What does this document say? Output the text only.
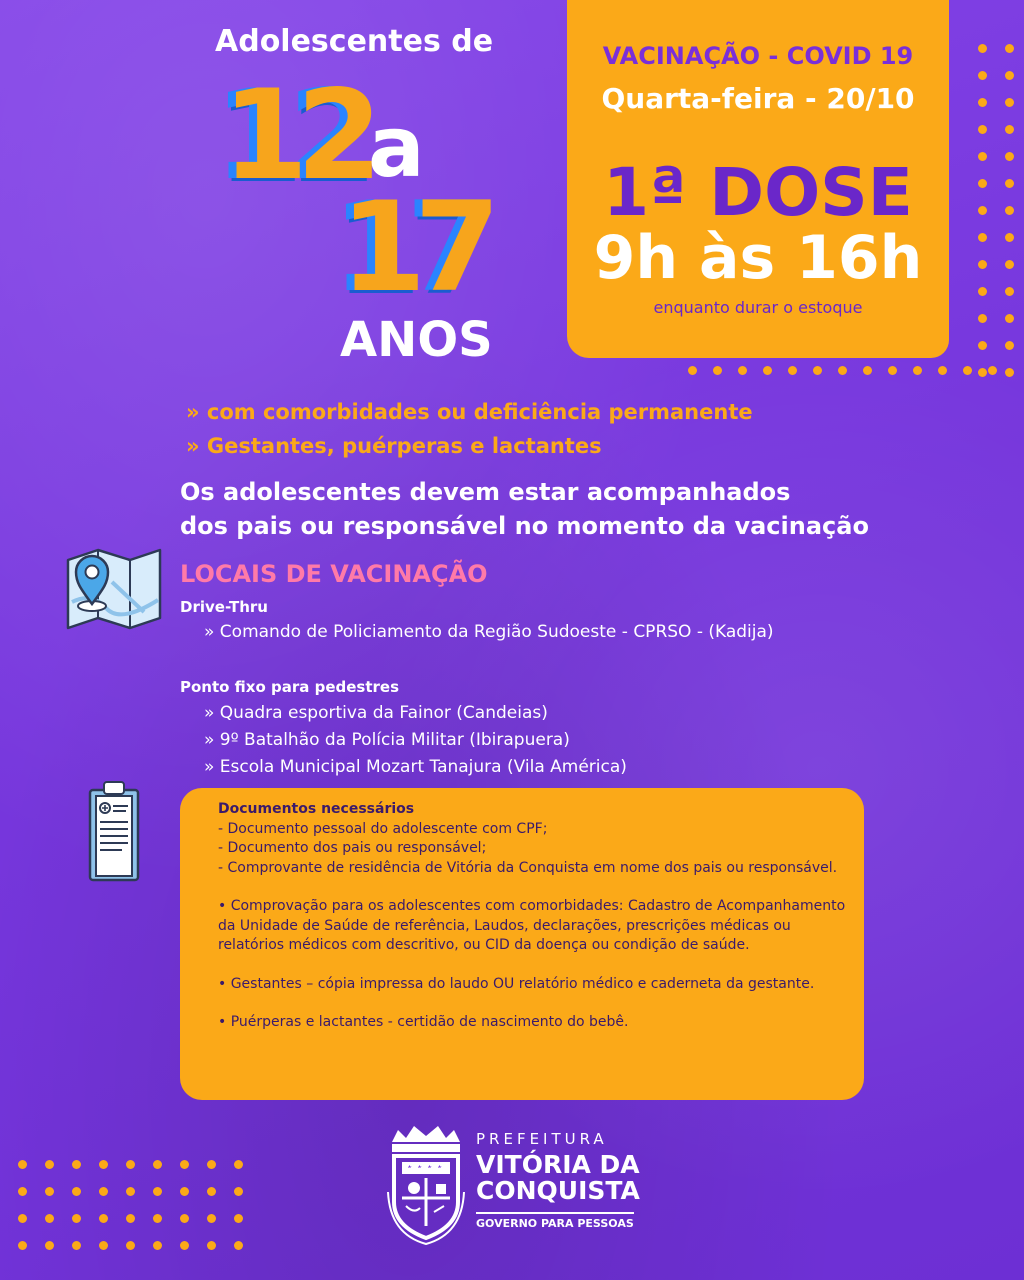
Adolescentes de
12
a
17
ANOS
VACINAÇÃO - COVID 19
Quarta-feira - 20/10
1ª DOSE
9h às 16h
enquanto durar o estoque
» com comorbidades ou deficiência permanente
» Gestantes, puérperas e lactantes
Os adolescentes devem estar acompanhados
dos pais ou responsável no momento da vacinação
LOCAIS DE VACINAÇÃO
Drive-Thru
» Comando de Policiamento da Região Sudoeste - CPRSO - (Kadija)
Ponto fixo para pedestres
» Quadra esportiva da Fainor (Candeias)
» 9º Batalhão da Polícia Militar (Ibirapuera)
» Escola Municipal Mozart Tanajura (Vila América)

Documentos necessários

- Documento pessoal do adolescente com CPF;

- Documento dos pais ou responsável;

- Comprovante de residência de Vitória da Conquista em nome dos pais ou responsável.

• Comprovação para os adolescentes com comorbidades: Cadastro de Acompanhamento da Unidade de Saúde de referência, Laudos, declarações, prescrições médicas ou relatórios médicos com descritivo, ou CID da doença ou condição de saúde.

• Gestantes – cópia impressa do laudo OU relatório médico e caderneta da gestante.

• Puérperas e lactantes - certidão de nascimento do bebê.

PREFEITURA
VITÓRIA DA
CONQUISTA
GOVERNO PARA PESSOAS
